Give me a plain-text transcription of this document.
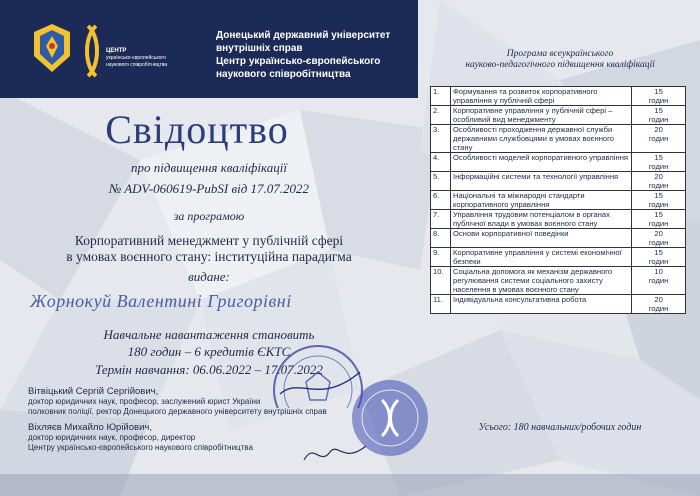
ЦЕНТР
українсько-європейського
наукового співробітництва
Донецький державний університет
внутрішніх справ
Центр українсько-європейського
наукового співробітництва
Свідоцтво
про підвищення кваліфікації
№ ADV-060619-PubSI від 17.07.2022
за програмою
Корпоративний менеджмент у публічній сфері
в умовах воєнного стану: інституційна парадигма
видане:
Жорнокуй Валентині Григорівні
Навчальне навантаження становить
180 годин – 6 кредитів ЄКТС
Термін навчання: 06.06.2022 – 17.07.2022
Вітвіцький Сергій Сергійович,
доктор юридичних наук, професор, заслужений юрист України
полковник поліції, ректор Донецького державного університету внутрішніх справ
Віхляєв Михайло Юрійович,
доктор юридичних наук, професор, директор
Центру українсько-європейського наукового співробітництва
Програма всеукраїнського
науково-педагогічного підвищення кваліфікації
1.	Формування та розвиток корпоративного управління у публічній сфері	15
годин

2.	Корпоративне управління у публічній сфері – особливий вид менеджменту	15
годин

3.	Особливості проходження державної служби державними службовцями в умовах воєнного стану	20
годин

4.	Особливості моделей корпоративного управління	15
годин

5.	Інформаційні системи та технології управління	20
годин

6.	Національні та міжнародні стандарти корпоративного управління	15
годин

7.	Управління трудовим потенціалом в органах публічної влади в умовах воєнного стану	15
годин

8.	Основи корпоративної поведінки	20
годин

9.	Корпоративне управління у системі економічної безпеки	15
годин

10.	Соціальна допомога як механізм державного регулювання системи соціального захисту населення в умовах воєнного стану	10
годин

11.	Індивідуальна консультативна робота	20
годин
Усього: 180 навчальних/робочих годин
